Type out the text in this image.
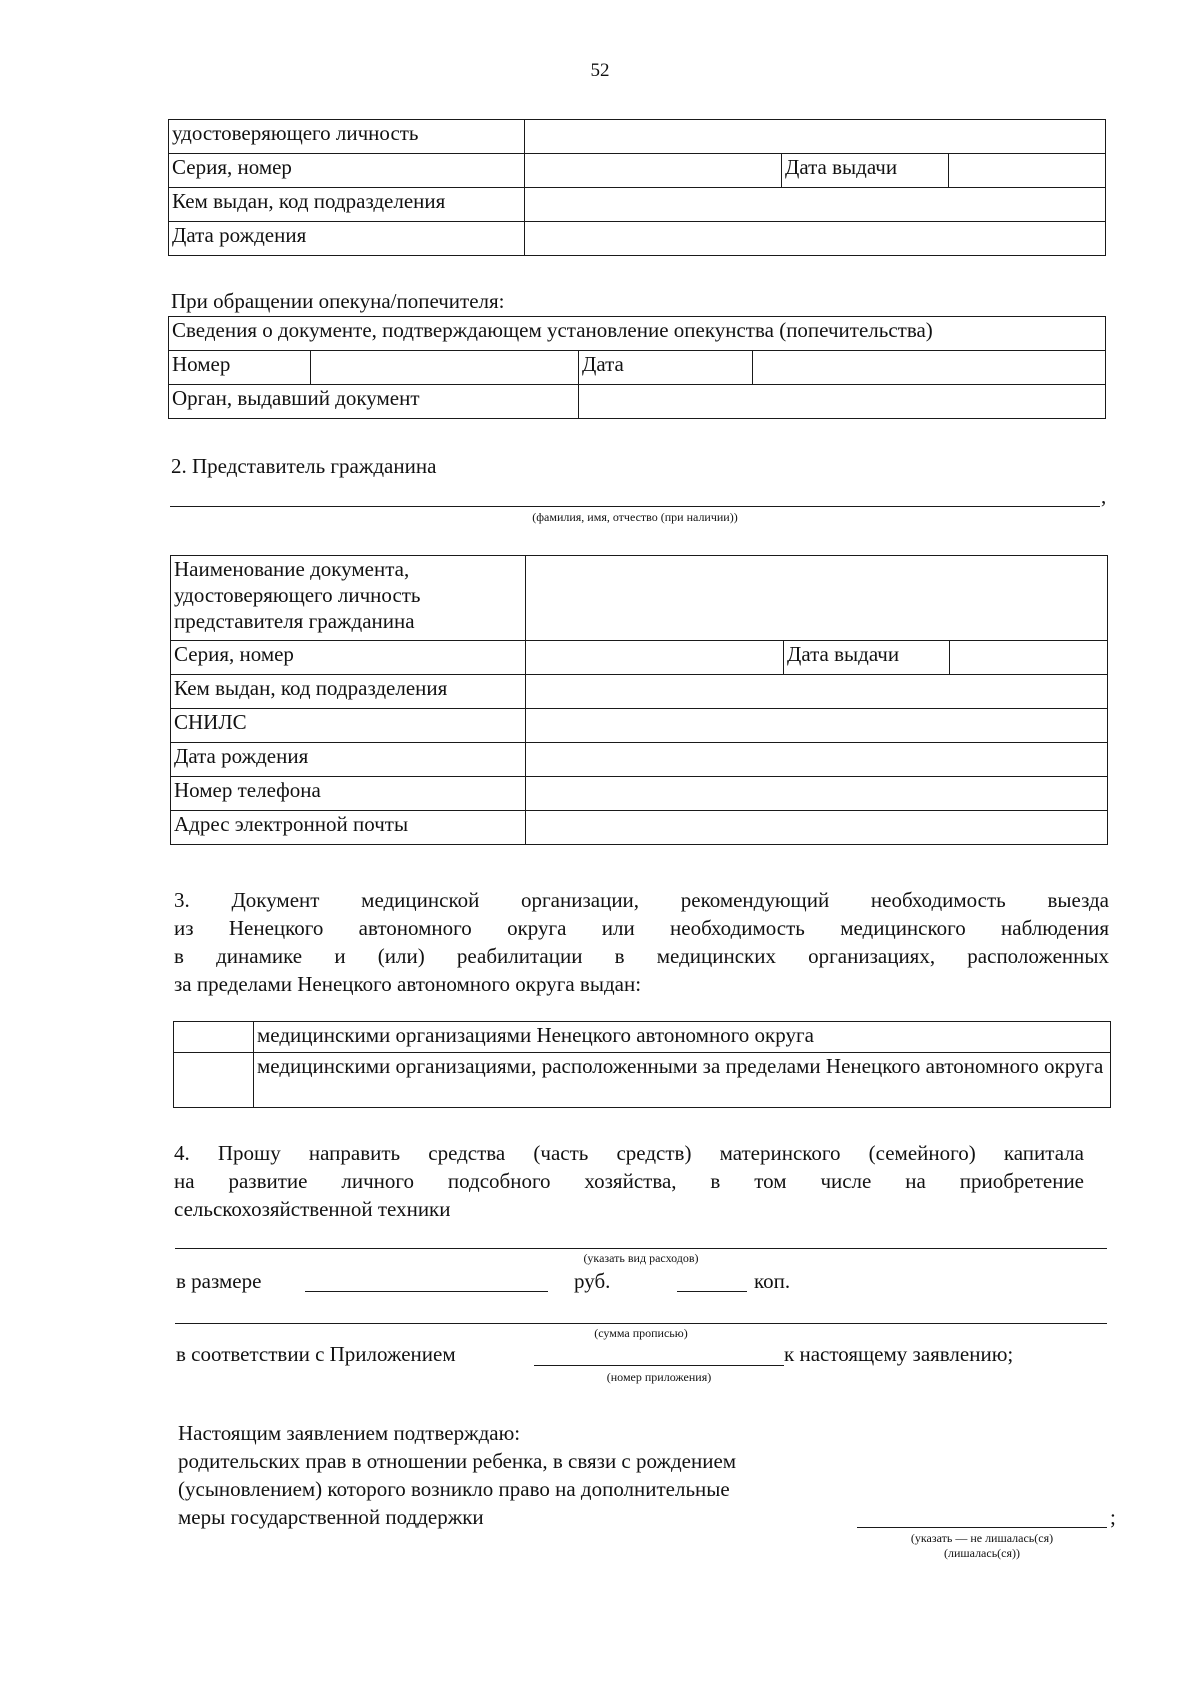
52
удостоверяющего личность			
Серия, номер		Дата выдачи	
Кем выдан, код подразделения			
Дата рождения			
При обращении опекуна/попечителя:
Сведения о документе, подтверждающем установление опекунства (попечительства)			
Номер		Дата	
Орган, выдавший документ			
2. Представитель гражданина
,
(фамилия, имя, отчество (при наличии))
Наименование документа, удостоверяющего личность представителя гражданина			
Серия, номер		Дата выдачи	
Кем выдан, код подразделения			
СНИЛС			
Дата рождения			
Номер телефона			
Адрес электронной почты			
3. Документ медицинской организации, рекомендующий необходимость выезда
из Ненецкого автономного округа или необходимость медицинского наблюдения
в динамике и (или) реабилитации в медицинских организациях, расположенных
за пределами Ненецкого автономного округа выдан:
	медицинскими организациями Ненецкого автономного округа
	медицинскими организациями, расположенными за пределами Ненецкого автономного округа
4. Прошу направить средства (часть средств) материнского (семейного) капитала
на развитие личного подсобного хозяйства, в том числе на приобретение
сельскохозяйственной техники
(указать вид расходов)
в размере	руб.	коп.
(сумма прописью)
в соответствии с Приложением	к настоящему заявлению;
(номер приложения)
Настоящим заявлением подтверждаю:
родительских прав в отношении ребенка, в связи с рождением
(усыновлением) которого возникло право на дополнительные
меры государственной поддержки	;
(указать — не лишалась(ся)
(лишалась(ся))
